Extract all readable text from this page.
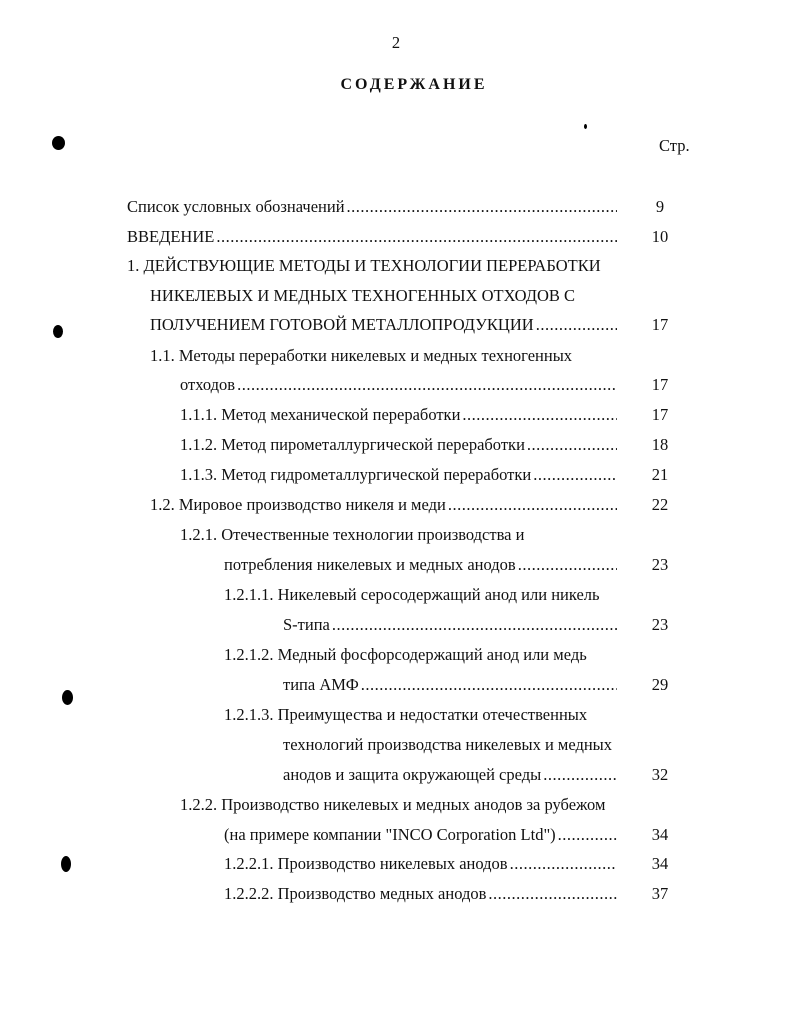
2
СОДЕРЖАНИЕ
Стр.
Список условных обозначений .....	9
ВВЕДЕНИЕ .....	10
1. ДЕЙСТВУЮЩИЕ МЕТОДЫ И ТЕХНОЛОГИИ ПЕРЕРАБОТКИ
НИКЕЛЕВЫХ И МЕДНЫХ ТЕХНОГЕННЫХ ОТХОДОВ С
ПОЛУЧЕНИЕМ ГОТОВОЙ МЕТАЛЛОПРОДУКЦИИ .....	17
1.1. Методы переработки никелевых и медных техногенных
отходов .....	17
1.1.1. Метод механической переработки .....	17
1.1.2. Метод пирометаллургической переработки .....	18
1.1.3. Метод гидрометаллургической переработки .....	21
1.2. Мировое производство никеля и меди .....	22
1.2.1. Отечественные технологии производства и
потребления никелевых и медных анодов .....	23
1.2.1.1. Никелевый серосодержащий анод или никель
S-типа .....	23
1.2.1.2. Медный фосфорсодержащий анод или медь
типа АМФ .....	29
1.2.1.3. Преимущества и недостатки отечественных
технологий производства никелевых и медных
анодов и защита окружающей среды .....	32
1.2.2. Производство никелевых и медных анодов за рубежом
(на примере компании "INCO Corporation Ltd") .....	34
1.2.2.1. Производство никелевых анодов .....	34
1.2.2.2. Производство медных анодов .....	37
